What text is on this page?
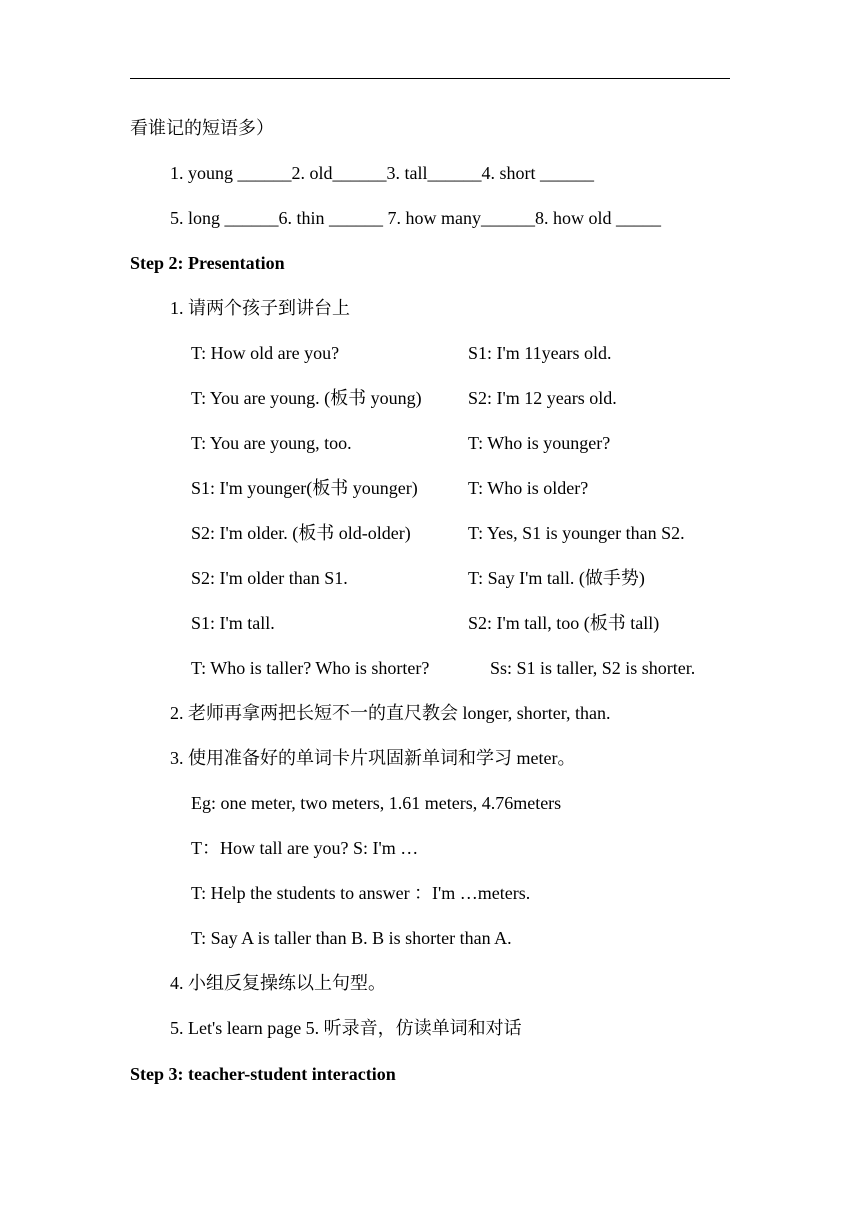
看谁记的短语多）
1. young ______2. old______3. tall______4. short ______
5. long ______6. thin ______ 7. how many______8. how old _____
Step 2: Presentation
1. 请两个孩子到讲台上
T: How old are you?	S1: I'm 11years old.
T: You are young. (板书 young)	S2: I'm 12 years old.
T: You are young, too.	T: Who is younger?
S1: I'm younger(板书 younger)	T: Who is older?
S2: I'm older. (板书 old-older)	T: Yes, S1 is younger than S2.
S2: I'm older than S1.	T: Say I'm tall. (做手势)
S1: I'm tall.	S2: I'm tall, too (板书 tall)
T: Who is taller? Who is shorter?	Ss: S1 is taller, S2 is shorter.
2. 老师再拿两把长短不一的直尺教会 longer, shorter, than.
3. 使用准备好的单词卡片巩固新单词和学习 meter。
Eg: one meter, two meters, 1.61 meters, 4.76meters
T：How tall are you? S: I'm …
T: Help the students to answer ：I'm …meters.
T: Say A is taller than B. B is shorter than A.
4. 小组反复操练以上句型。
5. Let's learn page 5. 听录音，仿读单词和对话
Step 3: teacher-student interaction
